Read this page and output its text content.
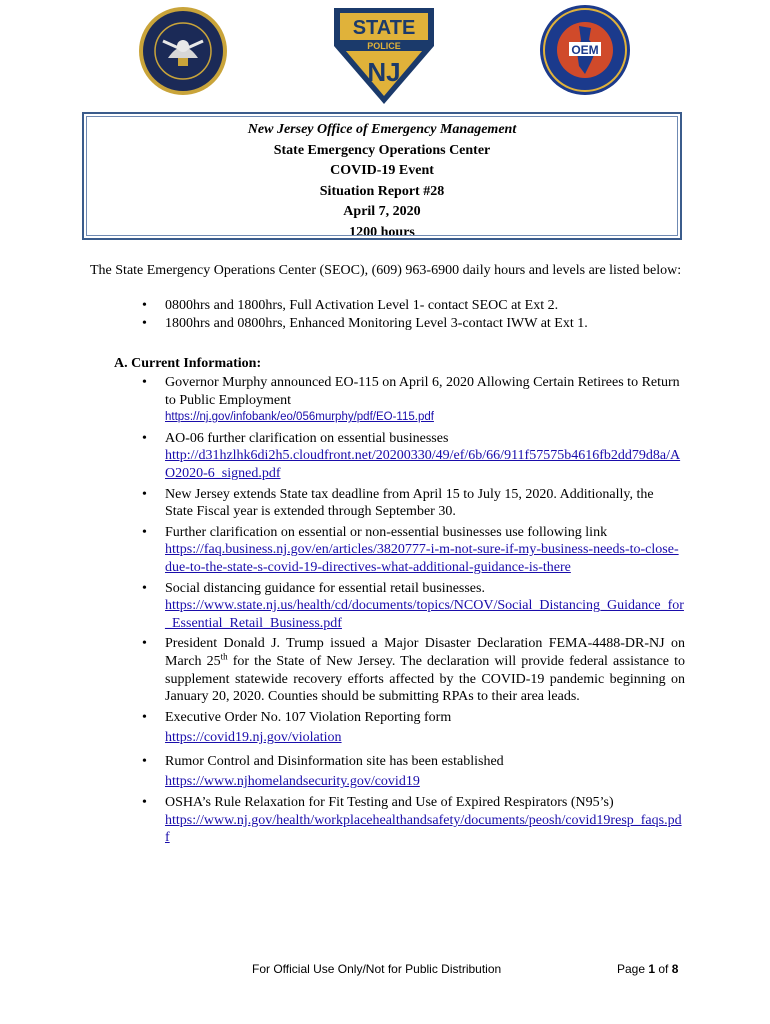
STATE
POLICE
NJ
OEM
New Jersey Office of Emergency Management
State Emergency Operations Center
COVID-19 Event
Situation Report #28
April 7, 2020
1200 hours
The State Emergency Operations Center (SEOC), (609) 963-6900 daily hours and levels are listed below:
• 0800hrs and 1800hrs, Full Activation Level 1- contact SEOC at Ext 2.
• 1800hrs and 0800hrs, Enhanced Monitoring Level 3-contact IWW at Ext 1.
A. Current Information:
• Governor Murphy announced EO-115 on April 6, 2020 Allowing Certain Retirees to Return to Public Employment
https://nj.gov/infobank/eo/056murphy/pdf/EO-115.pdf
• AO-06 further clarification on essential businesses
http://d31hzlhk6di2h5.cloudfront.net/20200330/49/ef/6b/66/911f57575b4616fb2dd79d8a/AO2020-6_signed.pdf
• New Jersey extends State tax deadline from April 15 to July 15, 2020. Additionally, the State Fiscal year is extended through September 30.
• Further clarification on essential or non-essential businesses use following link
https://faq.business.nj.gov/en/articles/3820777-i-m-not-sure-if-my-business-needs-to-close-due-to-the-state-s-covid-19-directives-what-additional-guidance-is-there
• Social distancing guidance for essential retail businesses.
https://www.state.nj.us/health/cd/documents/topics/NCOV/Social_Distancing_Guidance_for_Essential_Retail_Business.pdf
• President Donald J. Trump issued a Major Disaster Declaration FEMA-4488-DR-NJ on March 25th for the State of New Jersey. The declaration will provide federal assistance to supplement statewide recovery efforts affected by the COVID-19 pandemic beginning on January 20, 2020. Counties should be submitting RPAs to their area leads.
• Executive Order No. 107 Violation Reporting form
https://covid19.nj.gov/violation
• Rumor Control and Disinformation site has been established
https://www.njhomelandsecurity.gov/covid19
• OSHA’s Rule Relaxation for Fit Testing and Use of Expired Respirators (N95’s)
https://www.nj.gov/health/workplacehealthandsafety/documents/peosh/covid19resp_faqs.pdf
For Official Use Only/Not for Public Distribution	Page 1 of 8
